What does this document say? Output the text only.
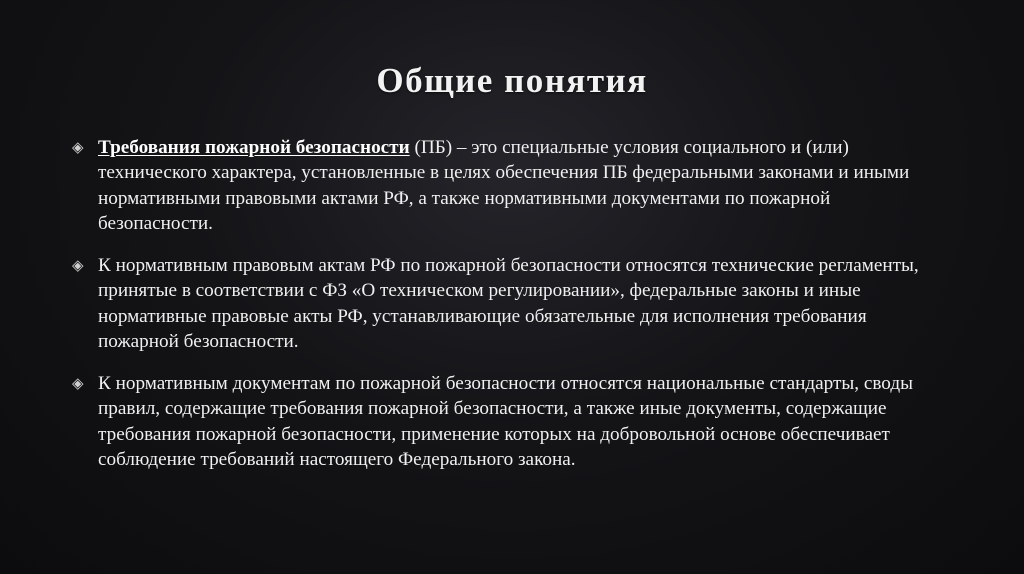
Общие понятия
◈ Требования пожарной безопасности (ПБ) – это специальные условия социального и (или) технического характера, установленные в целях обеспечения ПБ федеральными законами и иными нормативными правовыми актами РФ, а также нормативными документами по пожарной безопасности.
◈ К нормативным правовым актам РФ по пожарной безопасности относятся технические регламенты, принятые в соответствии с ФЗ «О техническом регулировании», федеральные законы и иные нормативные правовые акты РФ, устанавливающие обязательные для исполнения требования пожарной безопасности.
◈ К нормативным документам по пожарной безопасности относятся национальные стандарты, своды правил, содержащие требования пожарной безопасности, а также иные документы, содержащие требования пожарной безопасности, применение которых на добровольной основе обеспечивает соблюдение требований настоящего Федерального закона.
